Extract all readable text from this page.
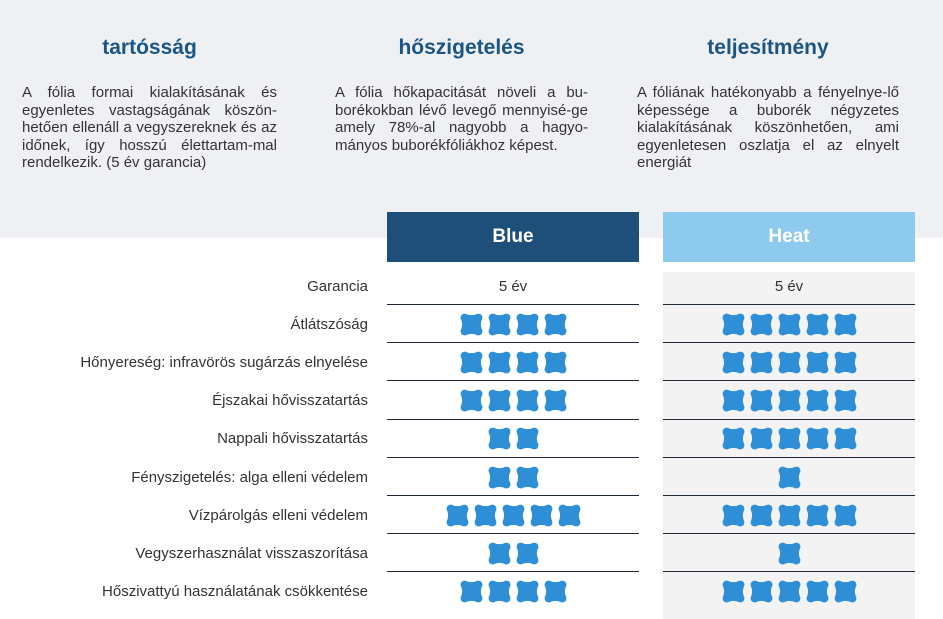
tartósság

A fólia formai kialakításának és egyenletes vastagságának köszön-hetően ellenáll a vegyszereknek és az időnek, így hosszú élettartam-mal rendelkezik. (5 év garancia)

hőszigetelés

A fólia hőkapacitását növeli a bu-borékokban lévő levegő mennyisé-ge amely 78%-al nagyobb a hagyo-mányos buborékfóliákhoz képest.

teljesítmény

A fóliának hatékonyabb a fényelnye-lő képessége a buborék négyzetes kialakításának köszönhetően, ami egyenletesen oszlatja el az elnyelt energiát

Blue	Heat
Garancia	5 év	5 év
Átlátszóság
Hőnyereség: infravörös sugárzás elnyelése
Éjszakai hővisszatartás
Nappali hővisszatartás
Fényszigetelés: alga elleni védelem
Vízpárolgás elleni védelem
Vegyszerhasználat visszaszorítása
Hőszivattyú használatának csökkentése
